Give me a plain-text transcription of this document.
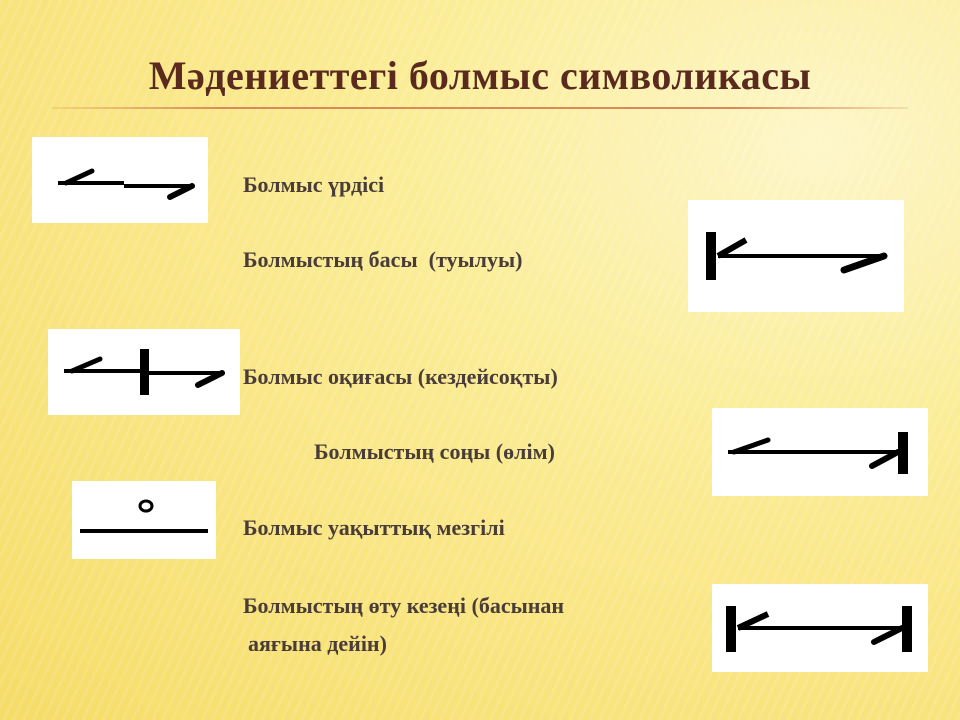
Мәдениеттегі болмыс символикасы
Болмыс үрдісі
Болмыстың басы  (туылуы)
Болмыс оқиғасы (кездейсоқты)
Болмыстың соңы (өлім)
Болмыс уақыттық мезгілі
Болмыстың өту кезеңі (басынан
аяғына дейін)
